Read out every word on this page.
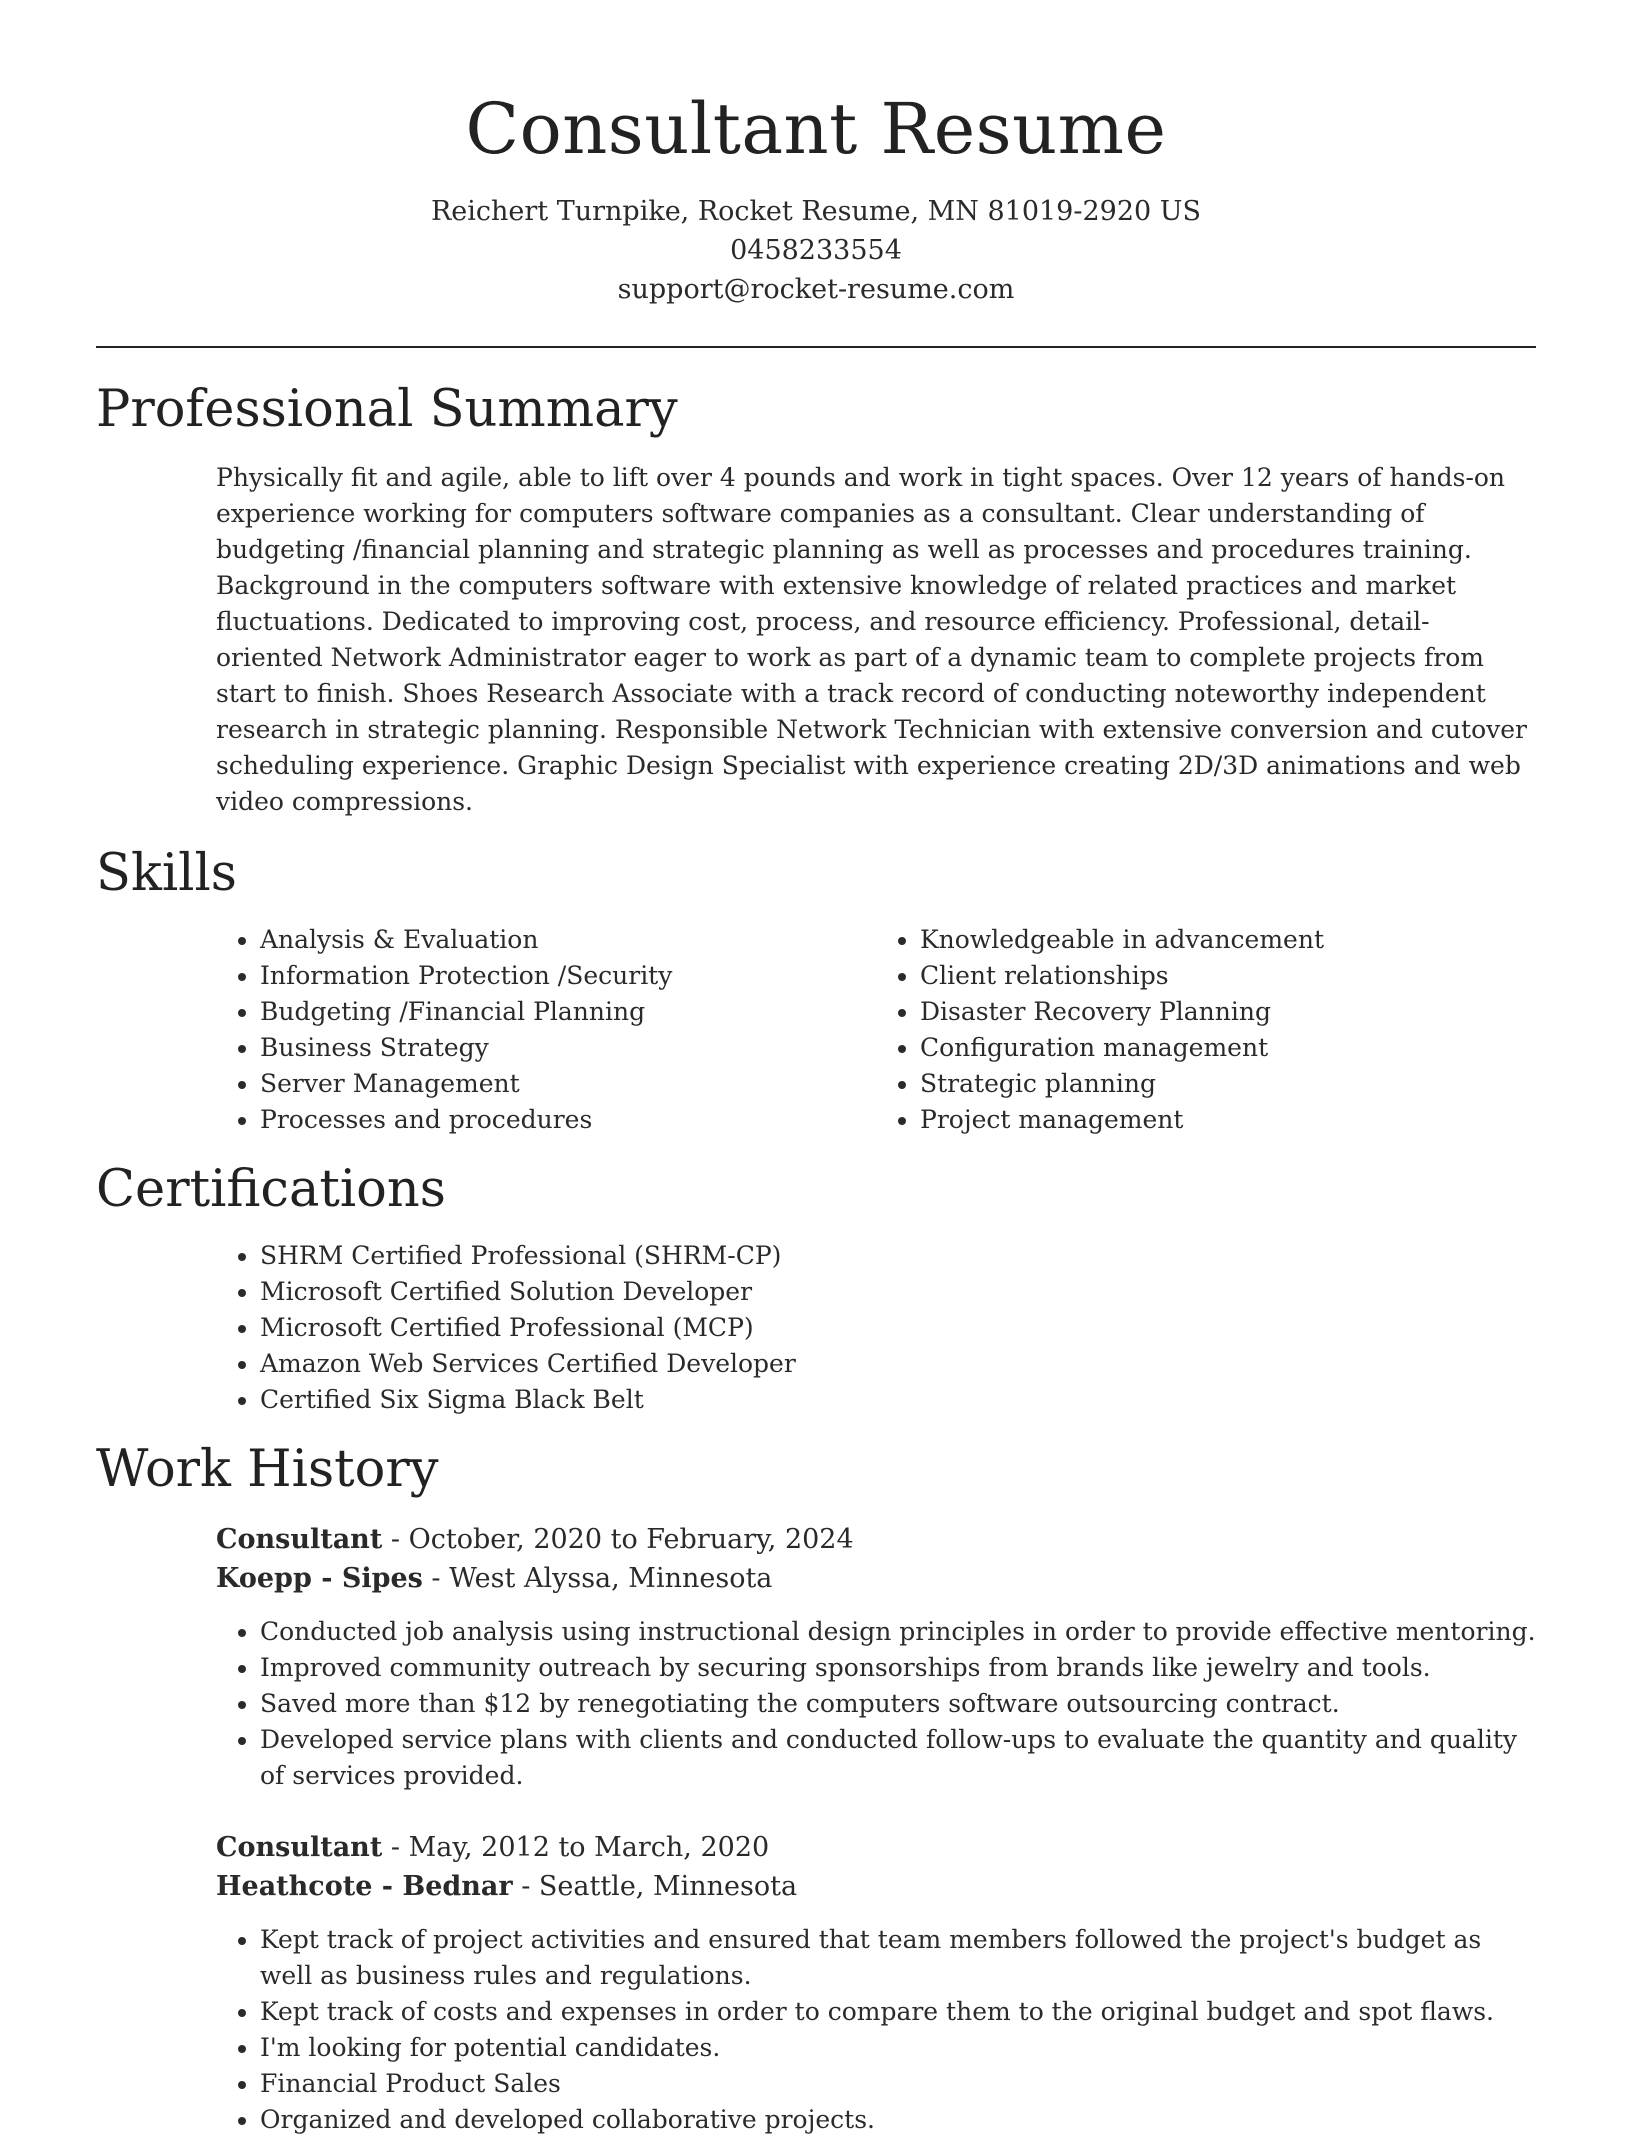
Consultant Resume
Reichert Turnpike, Rocket Resume, MN 81019-2920 US
0458233554
support@rocket-resume.com
Professional Summary

Physically fit and agile, able to lift over 4 pounds and work in tight spaces. Over 12 years of hands-on experience working for computers software companies as a consultant. Clear understanding of budgeting /financial planning and strategic planning as well as processes and procedures training. Background in the computers software with extensive knowledge of related practices and market fluctuations. Dedicated to improving cost, process, and resource efficiency. Professional, detail-oriented Network Administrator eager to work as part of a dynamic team to complete projects from start to finish. Shoes Research Associate with a track record of conducting noteworthy independent research in strategic planning. Responsible Network Technician with extensive conversion and cutover scheduling experience. Graphic Design Specialist with experience creating 2D/3D animations and web video compressions.

Skills
• Analysis & Evaluation
• Information Protection /Security
• Budgeting /Financial Planning
• Business Strategy
• Server Management
• Processes and procedures
• Knowledgeable in advancement
• Client relationships
• Disaster Recovery Planning
• Configuration management
• Strategic planning
• Project management
Certifications
• SHRM Certified Professional (SHRM-CP)
• Microsoft Certified Solution Developer
• Microsoft Certified Professional (MCP)
• Amazon Web Services Certified Developer
• Certified Six Sigma Black Belt
Work History
Consultant - October, 2020 to February, 2024
Koepp - Sipes - West Alyssa, Minnesota
• Conducted job analysis using instructional design principles in order to provide effective mentoring.
• Improved community outreach by securing sponsorships from brands like jewelry and tools.
• Saved more than $12 by renegotiating the computers software outsourcing contract.
• Developed service plans with clients and conducted follow-ups to evaluate the quantity and quality of services provided.
Consultant - May, 2012 to March, 2020
Heathcote - Bednar - Seattle, Minnesota
• Kept track of project activities and ensured that team members followed the project's budget as well as business rules and regulations.
• Kept track of costs and expenses in order to compare them to the original budget and spot flaws.
• I'm looking for potential candidates.
• Financial Product Sales
• Organized and developed collaborative projects.
